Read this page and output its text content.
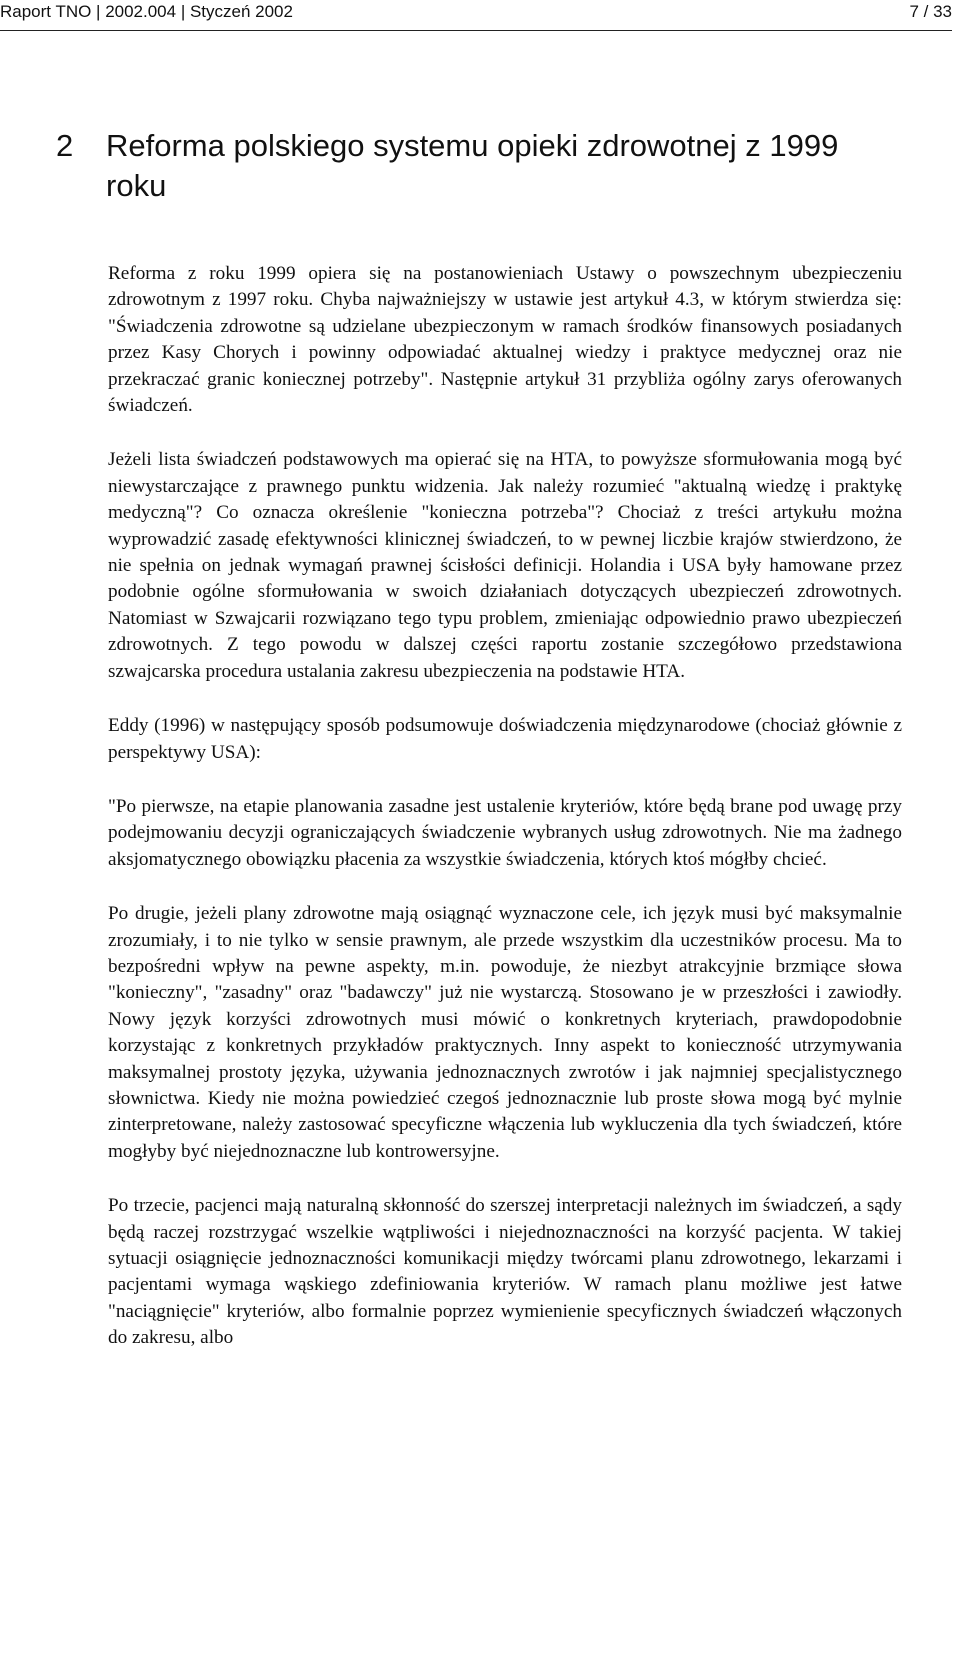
Raport TNO | 2002.004 | Styczeń 2002	7 / 33
2 Reforma polskiego systemu opieki zdrowotnej z 1999 roku

Reforma z roku 1999 opiera się na postanowieniach Ustawy o powszechnym ubezpieczeniu zdrowotnym z 1997 roku. Chyba najważniejszy w ustawie jest artykuł 4.3, w którym stwierdza się: "Świadczenia zdrowotne są udzielane ubezpieczonym w ramach środków finansowych posiadanych przez Kasy Chorych i powinny odpowiadać aktualnej wiedzy i praktyce medycznej oraz nie przekraczać granic koniecznej potrzeby". Następnie artykuł 31 przybliża ogólny zarys oferowanych świadczeń.

Jeżeli lista świadczeń podstawowych ma opierać się na HTA, to powyższe sformułowania mogą być niewystarczające z prawnego punktu widzenia. Jak należy rozumieć "aktualną wiedzę i praktykę medyczną"? Co oznacza określenie "konieczna potrzeba"? Chociaż z treści artykułu można wyprowadzić zasadę efektywności klinicznej świadczeń, to w pewnej liczbie krajów stwierdzono, że nie spełnia on jednak wymagań prawnej ścisłości definicji. Holandia i USA były hamowane przez podobnie ogólne sformułowania w swoich działaniach dotyczących ubezpieczeń zdrowotnych. Natomiast w Szwajcarii rozwiązano tego typu problem, zmieniając odpowiednio prawo ubezpieczeń zdrowotnych. Z tego powodu w dalszej części raportu zostanie szczegółowo przedstawiona szwajcarska procedura ustalania zakresu ubezpieczenia na podstawie HTA.

Eddy (1996) w następujący sposób podsumowuje doświadczenia międzynarodowe (chociaż głównie z perspektywy USA):

"Po pierwsze, na etapie planowania zasadne jest ustalenie kryteriów, które będą brane pod uwagę przy podejmowaniu decyzji ograniczających świadczenie wybranych usług zdrowotnych. Nie ma żadnego aksjomatycznego obowiązku płacenia za wszystkie świadczenia, których ktoś mógłby chcieć.

Po drugie, jeżeli plany zdrowotne mają osiągnąć wyznaczone cele, ich język musi być maksymalnie zrozumiały, i to nie tylko w sensie prawnym, ale przede wszystkim dla uczestników procesu. Ma to bezpośredni wpływ na pewne aspekty, m.in. powoduje, że niezbyt atrakcyjnie brzmiące słowa "konieczny", "zasadny" oraz "badawczy" już nie wystarczą. Stosowano je w przeszłości i zawiodły. Nowy język korzyści zdrowotnych musi mówić o konkretnych kryteriach, prawdopodobnie korzystając z konkretnych przykładów praktycznych. Inny aspekt to konieczność utrzymywania maksymalnej prostoty języka, używania jednoznacznych zwrotów i jak najmniej specjalistycznego słownictwa. Kiedy nie można powiedzieć czegoś jednoznacznie lub proste słowa mogą być mylnie zinterpretowane, należy zastosować specyficzne włączenia lub wykluczenia dla tych świadczeń, które mogłyby być niejednoznaczne lub kontrowersyjne.

Po trzecie, pacjenci mają naturalną skłonność do szerszej interpretacji należnych im świadczeń, a sądy będą raczej rozstrzygać wszelkie wątpliwości i niejednoznaczności na korzyść pacjenta. W takiej sytuacji osiągnięcie jednoznaczności komunikacji między twórcami planu zdrowotnego, lekarzami i pacjentami wymaga wąskiego zdefiniowania kryteriów. W ramach planu możliwe jest łatwe "naciągnięcie" kryteriów, albo formalnie poprzez wymienienie specyficznych świadczeń włączonych do zakresu, albo
